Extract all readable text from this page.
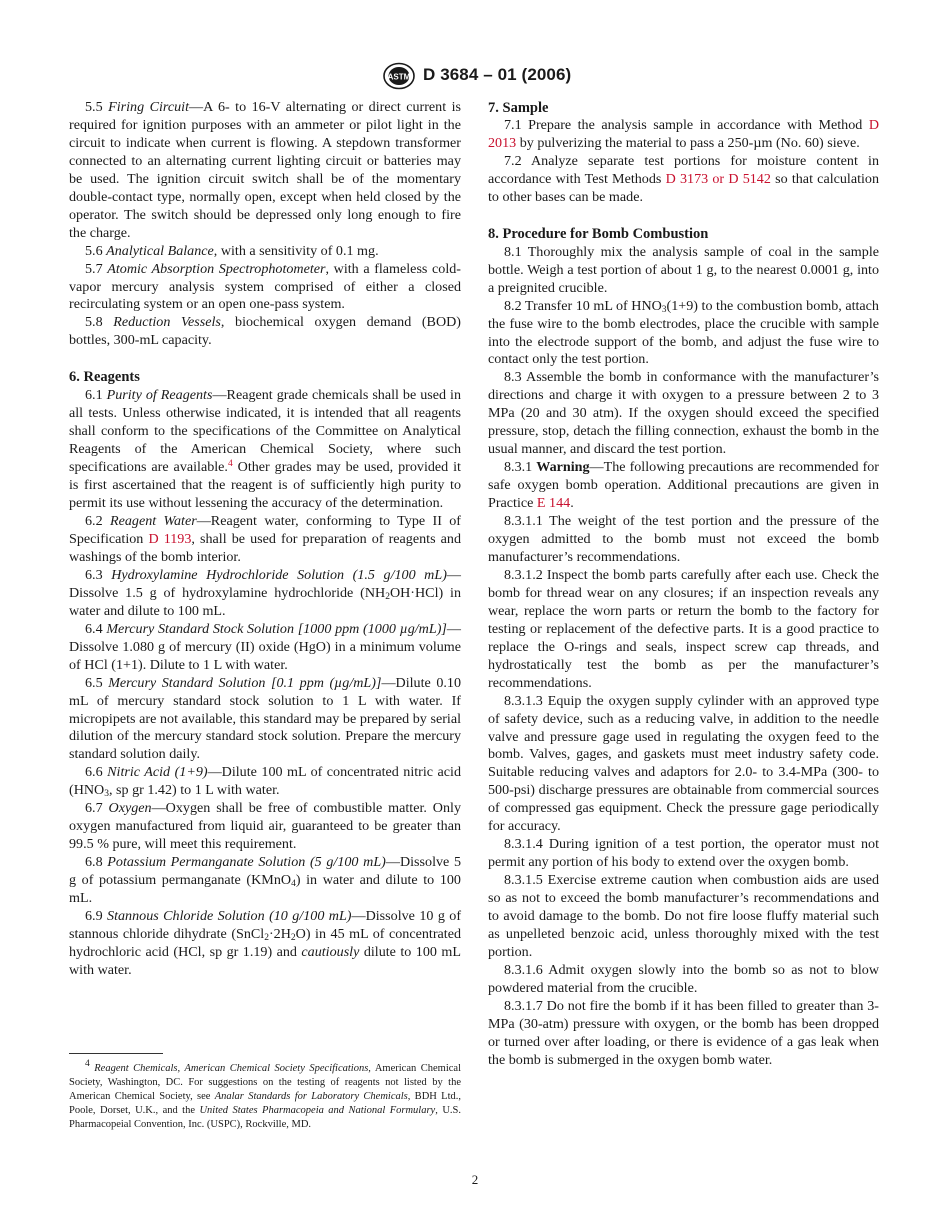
ASTM D 3684 – 01 (2006)

5.5 Firing Circuit—A 6- to 16-V alternating or direct current is required for ignition purposes with an ammeter or pilot light in the circuit to indicate when current is flowing. A stepdown transformer connected to an alternating current lighting circuit or batteries may be used. The ignition circuit switch shall be of the momentary double-contact type, normally open, except when held closed by the operator. The switch should be depressed only long enough to fire the charge.

5.6 Analytical Balance, with a sensitivity of 0.1 mg.

5.7 Atomic Absorption Spectrophotometer, with a flameless cold-vapor mercury analysis system comprised of either a closed recirculating system or an open one-pass system.

5.8 Reduction Vessels, biochemical oxygen demand (BOD) bottles, 300-mL capacity.

6. Reagents

6.1 Purity of Reagents—Reagent grade chemicals shall be used in all tests. Unless otherwise indicated, it is intended that all reagents shall conform to the specifications of the Committee on Analytical Reagents of the American Chemical Society, where such specifications are available.$^4$ Other grades may be used, provided it is first ascertained that the reagent is of sufficiently high purity to permit its use without lessening the accuracy of the determination.

6.2 Reagent Water—Reagent water, conforming to Type II of Specification D 1193, shall be used for preparation of reagents and washings of the bomb interior.

6.3 Hydroxylamine Hydrochloride Solution (1.5 g/100 mL)—Dissolve 1.5 g of hydroxylamine hydrochloride $(NH_2OH\cdot HCl)$ in water and dilute to 100 mL.

6.4 Mercury Standard Stock Solution [1000 ppm (1000 µg/mL)]—Dissolve 1.080 g of mercury (II) oxide (HgO) in a minimum volume of HCl (1+1). Dilute to 1 L with water.

6.5 Mercury Standard Solution [0.1 ppm (µg/mL)]—Dilute 0.10 mL of mercury standard stock solution to 1 L with water. If micropipets are not available, this standard may be prepared by serial dilution of the mercury standard stock solution. Prepare the mercury standard solution daily.

6.6 Nitric Acid (1+9)—Dilute 100 mL of concentrated nitric acid ($HNO_3$, sp gr 1.42) to 1 L with water.

6.7 Oxygen—Oxygen shall be free of combustible matter. Only oxygen manufactured from liquid air, guaranteed to be greater than 99.5 % pure, will meet this requirement.

6.8 Potassium Permanganate Solution (5 g/100 mL)—Dissolve 5 g of potassium permanganate (KMnO$_4$) in water and dilute to 100 mL.

6.9 Stannous Chloride Solution (10 g/100 mL)—Dissolve 10 g of stannous chloride dihydrate $(SnCl_2\cdot 2H_2O)$ in 45 mL of concentrated hydrochloric acid (HCl, sp gr 1.19) and cautiously dilute to 100 mL with water.

$^4$ Reagent Chemicals, American Chemical Society Specifications, American Chemical Society, Washington, DC. For suggestions on the testing of reagents not listed by the American Chemical Society, see Analar Standards for Laboratory Chemicals, BDH Ltd., Poole, Dorset, U.K., and the United States Pharmacopeia and National Formulary, U.S. Pharmacopeial Convention, Inc. (USPC), Rockville, MD.

7. Sample

7.1 Prepare the analysis sample in accordance with Method D 2013 by pulverizing the material to pass a 250-µm (No. 60) sieve.

7.2 Analyze separate test portions for moisture content in accordance with Test Methods D 3173 or D 5142 so that calculation to other bases can be made.

8. Procedure for Bomb Combustion

8.1 Thoroughly mix the analysis sample of coal in the sample bottle. Weigh a test portion of about 1 g, to the nearest 0.0001 g, into a preignited crucible.

8.2 Transfer 10 mL of $HNO_3(1+9)$ to the combustion bomb, attach the fuse wire to the bomb electrodes, place the crucible with sample into the electrode support of the bomb, and adjust the fuse wire to contact only the test portion.

8.3 Assemble the bomb in conformance with the manufacturer’s directions and charge it with oxygen to a pressure between 2 to 3 MPa (20 and 30 atm). If the oxygen should exceed the specified pressure, stop, detach the filling connection, exhaust the bomb in the usual manner, and discard the test portion.

8.3.1 Warning—The following precautions are recommended for safe oxygen bomb operation. Additional precautions are given in Practice E 144.

8.3.1.1 The weight of the test portion and the pressure of the oxygen admitted to the bomb must not exceed the bomb manufacturer’s recommendations.

8.3.1.2 Inspect the bomb parts carefully after each use. Check the bomb for thread wear on any closures; if an inspection reveals any wear, replace the worn parts or return the bomb to the factory for testing or replacement of the defective parts. It is a good practice to replace the O-rings and seals, inspect screw cap threads, and hydrostatically test the bomb as per the manufacturer’s recommendations.

8.3.1.3 Equip the oxygen supply cylinder with an approved type of safety device, such as a reducing valve, in addition to the needle valve and pressure gage used in regulating the oxygen feed to the bomb. Valves, gages, and gaskets must meet industry safety code. Suitable reducing valves and adaptors for 2.0- to 3.4-MPa (300- to 500-psi) discharge pressures are obtainable from commercial sources of compressed gas equipment. Check the pressure gage periodically for accuracy.

8.3.1.4 During ignition of a test portion, the operator must not permit any portion of his body to extend over the oxygen bomb.

8.3.1.5 Exercise extreme caution when combustion aids are used so as not to exceed the bomb manufacturer’s recommendations and to avoid damage to the bomb. Do not fire loose fluffy material such as unpelleted benzoic acid, unless thoroughly mixed with the test portion.

8.3.1.6 Admit oxygen slowly into the bomb so as not to blow powdered material from the crucible.

8.3.1.7 Do not fire the bomb if it has been filled to greater than 3-MPa (30-atm) pressure with oxygen, or the bomb has been dropped or turned over after loading, or there is evidence of a gas leak when the bomb is submerged in the oxygen bomb water.

2
